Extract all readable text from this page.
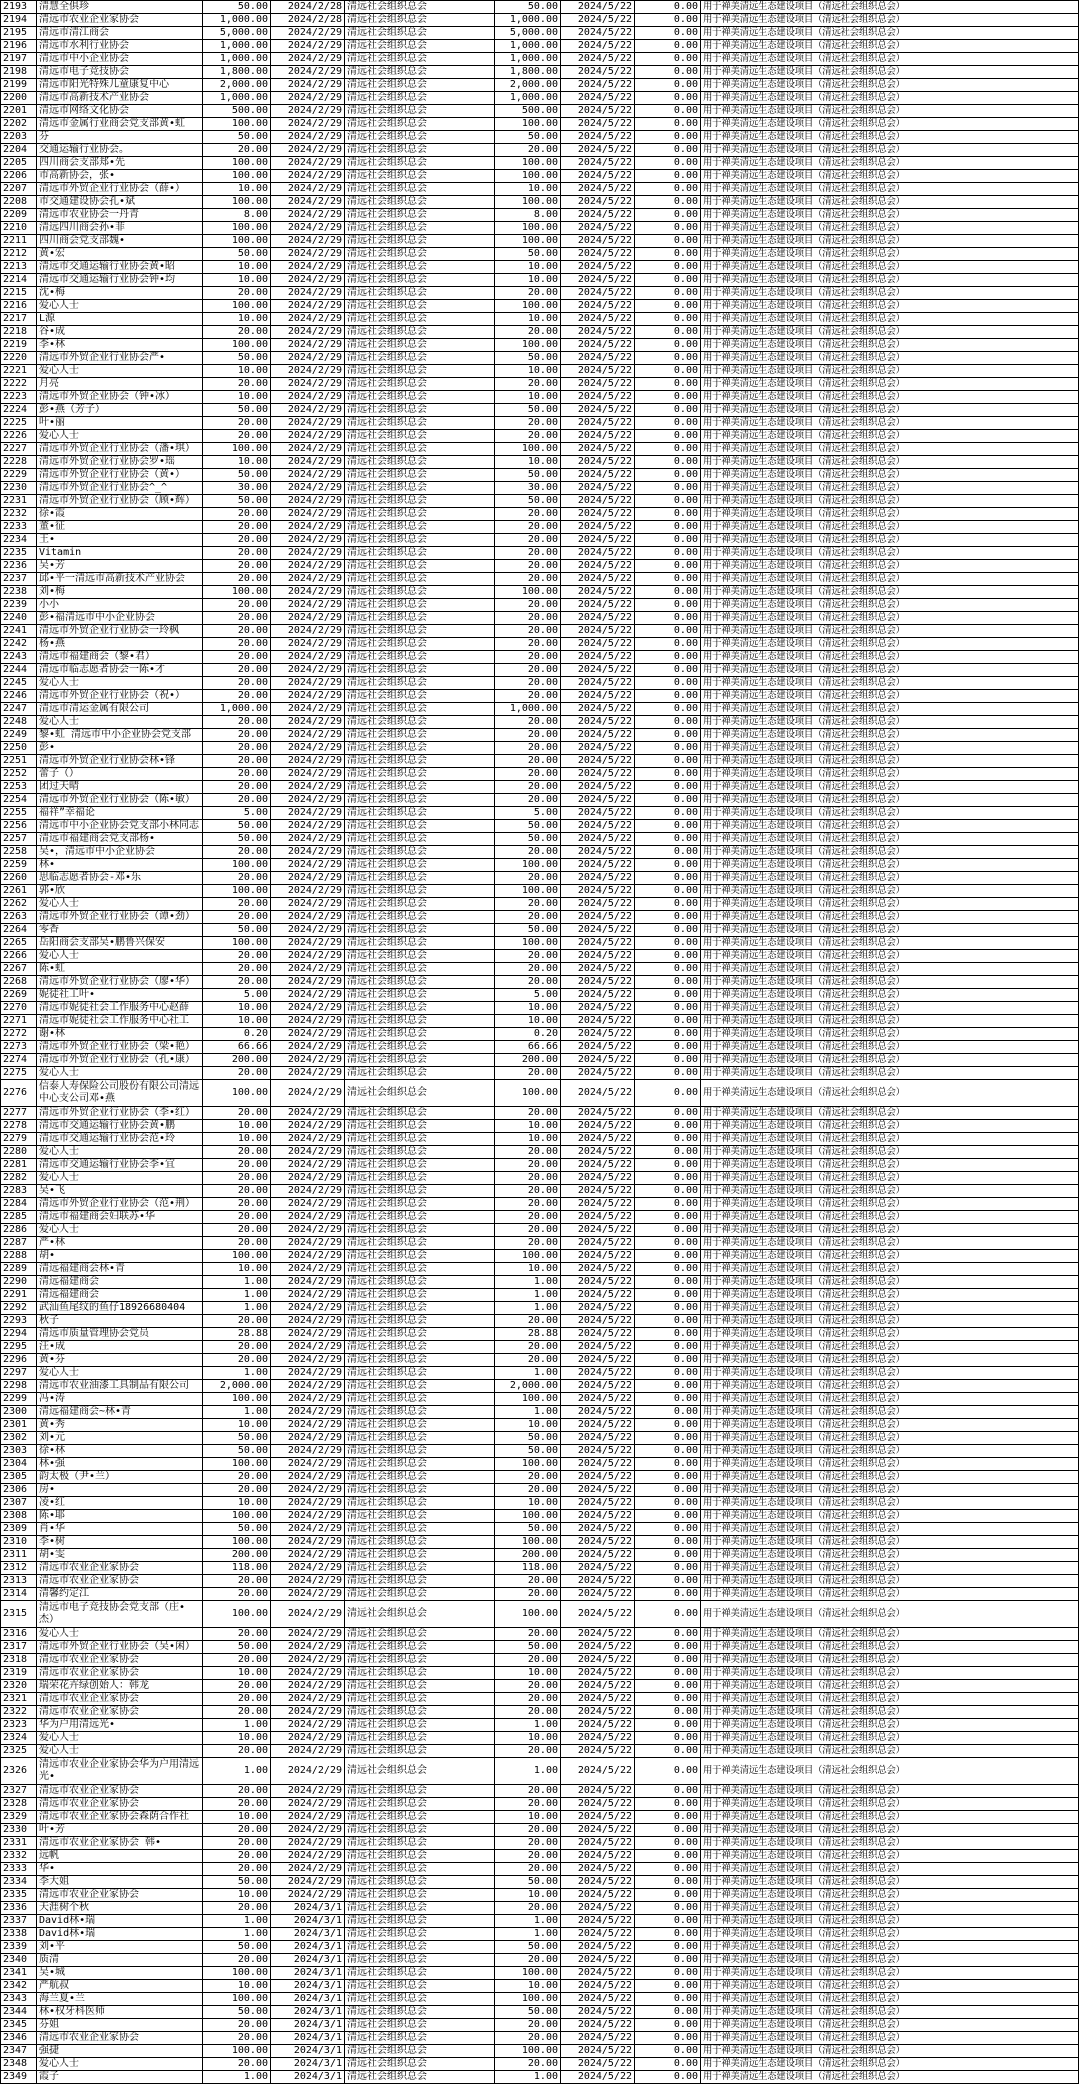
2193	清慧全俱珍	50.00	2024/2/28	清远社会组织总会	50.00	2024/5/22	0.00	用于禅美清远生态建设项目（清远社会组织总会）
2194	清远市农业企业家协会	1,000.00	2024/2/28	清远社会组织总会	1,000.00	2024/5/22	0.00	用于禅美清远生态建设项目（清远社会组织总会）
2195	清远市清江商会	5,000.00	2024/2/29	清远社会组织总会	5,000.00	2024/5/22	0.00	用于禅美清远生态建设项目（清远社会组织总会）
2196	清远市水利行业协会	1,000.00	2024/2/29	清远社会组织总会	1,000.00	2024/5/22	0.00	用于禅美清远生态建设项目（清远社会组织总会）
2197	清远市中小企业协会	1,000.00	2024/2/29	清远社会组织总会	1,000.00	2024/5/22	0.00	用于禅美清远生态建设项目（清远社会组织总会）
2198	清远市电子竞技协会	1,800.00	2024/2/29	清远社会组织总会	1,800.00	2024/5/22	0.00	用于禅美清远生态建设项目（清远社会组织总会）
2199	清远市阳光特殊儿童康复中心	2,000.00	2024/2/29	清远社会组织总会	2,000.00	2024/5/22	0.00	用于禅美清远生态建设项目（清远社会组织总会）
2200	清远市高新技术产业协会	1,000.00	2024/2/29	清远社会组织总会	1,000.00	2024/5/22	0.00	用于禅美清远生态建设项目（清远社会组织总会）
2201	清远市网络文化协会	500.00	2024/2/29	清远社会组织总会	500.00	2024/5/22	0.00	用于禅美清远生态建设项目（清远社会组织总会）
2202	清远市金属行业商会党支部黄•虹	100.00	2024/2/29	清远社会组织总会	100.00	2024/5/22	0.00	用于禅美清远生态建设项目（清远社会组织总会）
2203	芬	50.00	2024/2/29	清远社会组织总会	50.00	2024/5/22	0.00	用于禅美清远生态建设项目（清远社会组织总会）
2204	交通运输行业协会。	20.00	2024/2/29	清远社会组织总会	20.00	2024/5/22	0.00	用于禅美清远生态建设项目（清远社会组织总会）
2205	四川商会支部郑•先	100.00	2024/2/29	清远社会组织总会	100.00	2024/5/22	0.00	用于禅美清远生态建设项目（清远社会组织总会）
2206	市高新协会，张•	100.00	2024/2/29	清远社会组织总会	100.00	2024/5/22	0.00	用于禅美清远生态建设项目（清远社会组织总会）
2207	清远市外贸企业行业协会（薛•）	10.00	2024/2/29	清远社会组织总会	10.00	2024/5/22	0.00	用于禅美清远生态建设项目（清远社会组织总会）
2208	市交通建设协会孔•斌	100.00	2024/2/29	清远社会组织总会	100.00	2024/5/22	0.00	用于禅美清远生态建设项目（清远社会组织总会）
2209	清远市农业协会一丹青	8.00	2024/2/29	清远社会组织总会	8.00	2024/5/22	0.00	用于禅美清远生态建设项目（清远社会组织总会）
2210	清远四川商会孙•菲	100.00	2024/2/29	清远社会组织总会	100.00	2024/5/22	0.00	用于禅美清远生态建设项目（清远社会组织总会）
2211	四川商会党支部魏•	100.00	2024/2/29	清远社会组织总会	100.00	2024/5/22	0.00	用于禅美清远生态建设项目（清远社会组织总会）
2212	黄•宏	50.00	2024/2/29	清远社会组织总会	50.00	2024/5/22	0.00	用于禅美清远生态建设项目（清远社会组织总会）
2213	清远市交通运输行业协会黄•昭	10.00	2024/2/29	清远社会组织总会	10.00	2024/5/22	0.00	用于禅美清远生态建设项目（清远社会组织总会）
2214	清远市交通运输行业协会钟•均	10.00	2024/2/29	清远社会组织总会	10.00	2024/5/22	0.00	用于禅美清远生态建设项目（清远社会组织总会）
2215	沈•梅	20.00	2024/2/29	清远社会组织总会	20.00	2024/5/22	0.00	用于禅美清远生态建设项目（清远社会组织总会）
2216	爱心人士	100.00	2024/2/29	清远社会组织总会	100.00	2024/5/22	0.00	用于禅美清远生态建设项目（清远社会组织总会）
2217	L源	10.00	2024/2/29	清远社会组织总会	10.00	2024/5/22	0.00	用于禅美清远生态建设项目（清远社会组织总会）
2218	谷•成	20.00	2024/2/29	清远社会组织总会	20.00	2024/5/22	0.00	用于禅美清远生态建设项目（清远社会组织总会）
2219	李•林	100.00	2024/2/29	清远社会组织总会	100.00	2024/5/22	0.00	用于禅美清远生态建设项目（清远社会组织总会）
2220	清远市外贸企业行业协会严•	50.00	2024/2/29	清远社会组织总会	50.00	2024/5/22	0.00	用于禅美清远生态建设项目（清远社会组织总会）
2221	爱心人士	10.00	2024/2/29	清远社会组织总会	10.00	2024/5/22	0.00	用于禅美清远生态建设项目（清远社会组织总会）
2222	月亮	20.00	2024/2/29	清远社会组织总会	20.00	2024/5/22	0.00	用于禅美清远生态建设项目（清远社会组织总会）
2223	清远市外贸企业协会（钟•冰）	10.00	2024/2/29	清远社会组织总会	10.00	2024/5/22	0.00	用于禅美清远生态建设项目（清远社会组织总会）
2224	彭•燕（芳子）	50.00	2024/2/29	清远社会组织总会	50.00	2024/5/22	0.00	用于禅美清远生态建设项目（清远社会组织总会）
2225	叶•丽	20.00	2024/2/29	清远社会组织总会	20.00	2024/5/22	0.00	用于禅美清远生态建设项目（清远社会组织总会）
2226	爱心人士	20.00	2024/2/29	清远社会组织总会	20.00	2024/5/22	0.00	用于禅美清远生态建设项目（清远社会组织总会）
2227	清远市外贸企业行业协会（潘•琪）	100.00	2024/2/29	清远社会组织总会	100.00	2024/5/22	0.00	用于禅美清远生态建设项目（清远社会组织总会）
2228	清远市外贸企业行业协会罗•瑶	10.00	2024/2/29	清远社会组织总会	10.00	2024/5/22	0.00	用于禅美清远生态建设项目（清远社会组织总会）
2229	清远市外贸企业行业协会（黄•）	50.00	2024/2/29	清远社会组织总会	50.00	2024/5/22	0.00	用于禅美清远生态建设项目（清远社会组织总会）
2230	清远市外贸企业行业协会^_^	30.00	2024/2/29	清远社会组织总会	30.00	2024/5/22	0.00	用于禅美清远生态建设项目（清远社会组织总会）
2231	清远市外贸企业行业协会（顾•辉）	50.00	2024/2/29	清远社会组织总会	50.00	2024/5/22	0.00	用于禅美清远生态建设项目（清远社会组织总会）
2232	徐•霞	20.00	2024/2/29	清远社会组织总会	20.00	2024/5/22	0.00	用于禅美清远生态建设项目（清远社会组织总会）
2233	董•征	20.00	2024/2/29	清远社会组织总会	20.00	2024/5/22	0.00	用于禅美清远生态建设项目（清远社会组织总会）
2234	王•	20.00	2024/2/29	清远社会组织总会	20.00	2024/5/22	0.00	用于禅美清远生态建设项目（清远社会组织总会）
2235	Vitamin	20.00	2024/2/29	清远社会组织总会	20.00	2024/5/22	0.00	用于禅美清远生态建设项目（清远社会组织总会）
2236	吴•芳	20.00	2024/2/29	清远社会组织总会	20.00	2024/5/22	0.00	用于禅美清远生态建设项目（清远社会组织总会）
2237	邱•平一清远市高新技术产业协会	20.00	2024/2/29	清远社会组织总会	20.00	2024/5/22	0.00	用于禅美清远生态建设项目（清远社会组织总会）
2238	刘•梅	100.00	2024/2/29	清远社会组织总会	100.00	2024/5/22	0.00	用于禅美清远生态建设项目（清远社会组织总会）
2239	小小	20.00	2024/2/29	清远社会组织总会	20.00	2024/5/22	0.00	用于禅美清远生态建设项目（清远社会组织总会）
2240	彭•福清远市中小企业协会	20.00	2024/2/29	清远社会组织总会	20.00	2024/5/22	0.00	用于禅美清远生态建设项目（清远社会组织总会）
2241	清远市外贸企业行业协会一玲枫	20.00	2024/2/29	清远社会组织总会	20.00	2024/5/22	0.00	用于禅美清远生态建设项目（清远社会组织总会）
2242	杨•燕	20.00	2024/2/29	清远社会组织总会	20.00	2024/5/22	0.00	用于禅美清远生态建设项目（清远社会组织总会）
2243	清远市福建商会（黎•君）	20.00	2024/2/29	清远社会组织总会	20.00	2024/5/22	0.00	用于禅美清远生态建设项目（清远社会组织总会）
2244	清远市临志愿者协会一陈•才	20.00	2024/2/29	清远社会组织总会	20.00	2024/5/22	0.00	用于禅美清远生态建设项目（清远社会组织总会）
2245	爱心人士	20.00	2024/2/29	清远社会组织总会	20.00	2024/5/22	0.00	用于禅美清远生态建设项目（清远社会组织总会）
2246	清远市外贸企业行业协会（祝•）	20.00	2024/2/29	清远社会组织总会	20.00	2024/5/22	0.00	用于禅美清远生态建设项目（清远社会组织总会）
2247	清远市清运金属有限公司	1,000.00	2024/2/29	清远社会组织总会	1,000.00	2024/5/22	0.00	用于禅美清远生态建设项目（清远社会组织总会）
2248	爱心人士	20.00	2024/2/29	清远社会组织总会	20.00	2024/5/22	0.00	用于禅美清远生态建设项目（清远社会组织总会）
2249	黎•虹 清远市中小企业协会党支部	20.00	2024/2/29	清远社会组织总会	20.00	2024/5/22	0.00	用于禅美清远生态建设项目（清远社会组织总会）
2250	彭•	20.00	2024/2/29	清远社会组织总会	20.00	2024/5/22	0.00	用于禅美清远生态建设项目（清远社会组织总会）
2251	清远市外贸企业行业协会林•锋	20.00	2024/2/29	清远社会组织总会	20.00	2024/5/22	0.00	用于禅美清远生态建设项目（清远社会组织总会）
2252	蕾子（）	20.00	2024/2/29	清远社会组织总会	20.00	2024/5/22	0.00	用于禅美清远生态建设项目（清远社会组织总会）
2253	团过天晴	20.00	2024/2/29	清远社会组织总会	20.00	2024/5/22	0.00	用于禅美清远生态建设项目（清远社会组织总会）
2254	清远市外贸企业行业协会（陈•敏）	20.00	2024/2/29	清远社会组织总会	20.00	2024/5/22	0.00	用于禅美清远生态建设项目（清远社会组织总会）
2255	福祥”幸福论	5.00	2024/2/29	清远社会组织总会	5.00	2024/5/22	0.00	用于禅美清远生态建设项目（清远社会组织总会）
2256	清远市中小企业协会党支部小林同志	50.00	2024/2/29	清远社会组织总会	50.00	2024/5/22	0.00	用于禅美清远生态建设项目（清远社会组织总会）
2257	清远市福建商会党支部杨•	50.00	2024/2/29	清远社会组织总会	50.00	2024/5/22	0.00	用于禅美清远生态建设项目（清远社会组织总会）
2258	吴•，清远市中小企业协会	20.00	2024/2/29	清远社会组织总会	20.00	2024/5/22	0.00	用于禅美清远生态建设项目（清远社会组织总会）
2259	林•	100.00	2024/2/29	清远社会组织总会	100.00	2024/5/22	0.00	用于禅美清远生态建设项目（清远社会组织总会）
2260	思临志愿者协会-邓•乐	20.00	2024/2/29	清远社会组织总会	20.00	2024/5/22	0.00	用于禅美清远生态建设项目（清远社会组织总会）
2261	郭•欣	100.00	2024/2/29	清远社会组织总会	100.00	2024/5/22	0.00	用于禅美清远生态建设项目（清远社会组织总会）
2262	爱心人士	20.00	2024/2/29	清远社会组织总会	20.00	2024/5/22	0.00	用于禅美清远生态建设项目（清远社会组织总会）
2263	清远市外贸企业行业协会（谭•劲）	20.00	2024/2/29	清远社会组织总会	20.00	2024/5/22	0.00	用于禅美清远生态建设项目（清远社会组织总会）
2264	零香	50.00	2024/2/29	清远社会组织总会	50.00	2024/5/22	0.00	用于禅美清远生态建设项目（清远社会组织总会）
2265	岳阳商会支部吴•鹏鲁兴保安	100.00	2024/2/29	清远社会组织总会	100.00	2024/5/22	0.00	用于禅美清远生态建设项目（清远社会组织总会）
2266	爱心人士	20.00	2024/2/29	清远社会组织总会	20.00	2024/5/22	0.00	用于禅美清远生态建设项目（清远社会组织总会）
2267	陈•虹	20.00	2024/2/29	清远社会组织总会	20.00	2024/5/22	0.00	用于禅美清远生态建设项目（清远社会组织总会）
2268	清远市外贸企业行业协会（廖•华）	20.00	2024/2/29	清远社会组织总会	20.00	2024/5/22	0.00	用于禅美清远生态建设项目（清远社会组织总会）
2269	妮徒社工叶•	5.00	2024/2/29	清远社会组织总会	5.00	2024/5/22	0.00	用于禅美清远生态建设项目（清远社会组织总会）
2270	清远市妮徒社会工作服务中心赵薛	10.00	2024/2/29	清远社会组织总会	10.00	2024/5/22	0.00	用于禅美清远生态建设项目（清远社会组织总会）
2271	清远市妮徒社会工作服务中心社工	10.00	2024/2/29	清远社会组织总会	10.00	2024/5/22	0.00	用于禅美清远生态建设项目（清远社会组织总会）
2272	谢•林	0.20	2024/2/29	清远社会组织总会	0.20	2024/5/22	0.00	用于禅美清远生态建设项目（清远社会组织总会）
2273	清远市外贸企业行业协会（梁•艳）	66.66	2024/2/29	清远社会组织总会	66.66	2024/5/22	0.00	用于禅美清远生态建设项目（清远社会组织总会）
2274	清远市外贸企业行业协会（孔•康）	200.00	2024/2/29	清远社会组织总会	200.00	2024/5/22	0.00	用于禅美清远生态建设项目（清远社会组织总会）
2275	爱心人士	20.00	2024/2/29	清远社会组织总会	20.00	2024/5/22	0.00	用于禅美清远生态建设项目（清远社会组织总会）
2276	信泰人寿保险公司股份有限公司清远中心支公司邓•燕	100.00	2024/2/29	清远社会组织总会	100.00	2024/5/22	0.00	用于禅美清远生态建设项目（清远社会组织总会）
2277	清远市外贸企业行业协会（李•红）	20.00	2024/2/29	清远社会组织总会	20.00	2024/5/22	0.00	用于禅美清远生态建设项目（清远社会组织总会）
2278	清远市交通运输行业协会黄•鹏	10.00	2024/2/29	清远社会组织总会	10.00	2024/5/22	0.00	用于禅美清远生态建设项目（清远社会组织总会）
2279	清远市交通运输行业协会范•玲	10.00	2024/2/29	清远社会组织总会	10.00	2024/5/22	0.00	用于禅美清远生态建设项目（清远社会组织总会）
2280	爱心人士	20.00	2024/2/29	清远社会组织总会	20.00	2024/5/22	0.00	用于禅美清远生态建设项目（清远社会组织总会）
2281	清远市交通运输行业协会李•宜	20.00	2024/2/29	清远社会组织总会	20.00	2024/5/22	0.00	用于禅美清远生态建设项目（清远社会组织总会）
2282	爱心人士	20.00	2024/2/29	清远社会组织总会	20.00	2024/5/22	0.00	用于禅美清远生态建设项目（清远社会组织总会）
2283	吴•飞	20.00	2024/2/29	清远社会组织总会	20.00	2024/5/22	0.00	用于禅美清远生态建设项目（清远社会组织总会）
2284	清远市外贸企业行业协会（范•荆）	20.00	2024/2/29	清远社会组织总会	20.00	2024/5/22	0.00	用于禅美清远生态建设项目（清远社会组织总会）
2285	清远市福建商会妇联苏•华	20.00	2024/2/29	清远社会组织总会	20.00	2024/5/22	0.00	用于禅美清远生态建设项目（清远社会组织总会）
2286	爱心人士	20.00	2024/2/29	清远社会组织总会	20.00	2024/5/22	0.00	用于禅美清远生态建设项目（清远社会组织总会）
2287	严•林	20.00	2024/2/29	清远社会组织总会	20.00	2024/5/22	0.00	用于禅美清远生态建设项目（清远社会组织总会）
2288	胡•	100.00	2024/2/29	清远社会组织总会	100.00	2024/5/22	0.00	用于禅美清远生态建设项目（清远社会组织总会）
2289	清远福建商会林•青	10.00	2024/2/29	清远社会组织总会	10.00	2024/5/22	0.00	用于禅美清远生态建设项目（清远社会组织总会）
2290	清远福建商会	1.00	2024/2/29	清远社会组织总会	1.00	2024/5/22	0.00	用于禅美清远生态建设项目（清远社会组织总会）
2291	清远福建商会	1.00	2024/2/29	清远社会组织总会	1.00	2024/5/22	0.00	用于禅美清远生态建设项目（清远社会组织总会）
2292	武汕鱼尾纹的鱼仔18926680404	1.00	2024/2/29	清远社会组织总会	1.00	2024/5/22	0.00	用于禅美清远生态建设项目（清远社会组织总会）
2293	秋子	20.00	2024/2/29	清远社会组织总会	20.00	2024/5/22	0.00	用于禅美清远生态建设项目（清远社会组织总会）
2294	清远市质量管理协会党员	28.88	2024/2/29	清远社会组织总会	28.88	2024/5/22	0.00	用于禅美清远生态建设项目（清远社会组织总会）
2295	汪•成	20.00	2024/2/29	清远社会组织总会	20.00	2024/5/22	0.00	用于禅美清远生态建设项目（清远社会组织总会）
2296	黄•芬	20.00	2024/2/29	清远社会组织总会	20.00	2024/5/22	0.00	用于禅美清远生态建设项目（清远社会组织总会）
2297	爱心人士	1.00	2024/2/29	清远社会组织总会	1.00	2024/5/22	0.00	用于禅美清远生态建设项目（清远社会组织总会）
2298	清远市农业油漆工具制品有限公司	2,000.00	2024/2/29	清远社会组织总会	2,000.00	2024/5/22	0.00	用于禅美清远生态建设项目（清远社会组织总会）
2299	冯•涛	100.00	2024/2/29	清远社会组织总会	100.00	2024/5/22	0.00	用于禅美清远生态建设项目（清远社会组织总会）
2300	清远福建商会~林•青	1.00	2024/2/29	清远社会组织总会	1.00	2024/5/22	0.00	用于禅美清远生态建设项目（清远社会组织总会）
2301	黄•秀	10.00	2024/2/29	清远社会组织总会	10.00	2024/5/22	0.00	用于禅美清远生态建设项目（清远社会组织总会）
2302	刘•元	50.00	2024/2/29	清远社会组织总会	50.00	2024/5/22	0.00	用于禅美清远生态建设项目（清远社会组织总会）
2303	徐•林	50.00	2024/2/29	清远社会组织总会	50.00	2024/5/22	0.00	用于禅美清远生态建设项目（清远社会组织总会）
2304	林•强	100.00	2024/2/29	清远社会组织总会	100.00	2024/5/22	0.00	用于禅美清远生态建设项目（清远社会组织总会）
2305	韵太极（尹•兰）	20.00	2024/2/29	清远社会组织总会	20.00	2024/5/22	0.00	用于禅美清远生态建设项目（清远社会组织总会）
2306	房•	20.00	2024/2/29	清远社会组织总会	20.00	2024/5/22	0.00	用于禅美清远生态建设项目（清远社会组织总会）
2307	凌•红	10.00	2024/2/29	清远社会组织总会	10.00	2024/5/22	0.00	用于禅美清远生态建设项目（清远社会组织总会）
2308	陈•耶	100.00	2024/2/29	清远社会组织总会	100.00	2024/5/22	0.00	用于禅美清远生态建设项目（清远社会组织总会）
2309	肖•华	50.00	2024/2/29	清远社会组织总会	50.00	2024/5/22	0.00	用于禅美清远生态建设项目（清远社会组织总会）
2310	李•树	100.00	2024/2/29	清远社会组织总会	100.00	2024/5/22	0.00	用于禅美清远生态建设项目（清远社会组织总会）
2311	胡•雯	200.00	2024/2/29	清远社会组织总会	200.00	2024/5/22	0.00	用于禅美清远生态建设项目（清远社会组织总会）
2312	清远市农业企业家协会	118.00	2024/2/29	清远社会组织总会	118.00	2024/5/22	0.00	用于禅美清远生态建设项目（清远社会组织总会）
2313	清远市农业企业家协会	20.00	2024/2/29	清远社会组织总会	20.00	2024/5/22	0.00	用于禅美清远生态建设项目（清远社会组织总会）
2314	清馨约定江	20.00	2024/2/29	清远社会组织总会	20.00	2024/5/22	0.00	用于禅美清远生态建设项目（清远社会组织总会）
2315	清远市电子竞技协会党支部（庄•杰）	100.00	2024/2/29	清远社会组织总会	100.00	2024/5/22	0.00	用于禅美清远生态建设项目（清远社会组织总会）
2316	爱心人士	20.00	2024/2/29	清远社会组织总会	20.00	2024/5/22	0.00	用于禅美清远生态建设项目（清远社会组织总会）
2317	清远市外贸企业行业协会（吴•闲）	50.00	2024/2/29	清远社会组织总会	50.00	2024/5/22	0.00	用于禅美清远生态建设项目（清远社会组织总会）
2318	清远市农业企业家协会	20.00	2024/2/29	清远社会组织总会	20.00	2024/5/22	0.00	用于禅美清远生态建设项目（清远社会组织总会）
2319	清远市农业企业家协会	10.00	2024/2/29	清远社会组织总会	10.00	2024/5/22	0.00	用于禅美清远生态建设项目（清远社会组织总会）
2320	瑞荣花卉绿创始人：韩龙	20.00	2024/2/29	清远社会组织总会	20.00	2024/5/22	0.00	用于禅美清远生态建设项目（清远社会组织总会）
2321	清远市农业企业家协会	20.00	2024/2/29	清远社会组织总会	20.00	2024/5/22	0.00	用于禅美清远生态建设项目（清远社会组织总会）
2322	清远市农业企业家协会	20.00	2024/2/29	清远社会组织总会	20.00	2024/5/22	0.00	用于禅美清远生态建设项目（清远社会组织总会）
2323	华为户用清远光•	1.00	2024/2/29	清远社会组织总会	1.00	2024/5/22	0.00	用于禅美清远生态建设项目（清远社会组织总会）
2324	爱心人士	10.00	2024/2/29	清远社会组织总会	10.00	2024/5/22	0.00	用于禅美清远生态建设项目（清远社会组织总会）
2325	爱心人士	20.00	2024/2/29	清远社会组织总会	20.00	2024/5/22	0.00	用于禅美清远生态建设项目（清远社会组织总会）
2326	清远市农业企业家协会华为户用清远光•	1.00	2024/2/29	清远社会组织总会	1.00	2024/5/22	0.00	用于禅美清远生态建设项目（清远社会组织总会）
2327	清远市农业企业家协会	20.00	2024/2/29	清远社会组织总会	20.00	2024/5/22	0.00	用于禅美清远生态建设项目（清远社会组织总会）
2328	清远市农业企业家协会	20.00	2024/2/29	清远社会组织总会	20.00	2024/5/22	0.00	用于禅美清远生态建设项目（清远社会组织总会）
2329	清远市农业企业家协会森荫合作社	10.00	2024/2/29	清远社会组织总会	10.00	2024/5/22	0.00	用于禅美清远生态建设项目（清远社会组织总会）
2330	叶•芳	20.00	2024/2/29	清远社会组织总会	20.00	2024/5/22	0.00	用于禅美清远生态建设项目（清远社会组织总会）
2331	清远市农业企业家协会 韩•	20.00	2024/2/29	清远社会组织总会	20.00	2024/5/22	0.00	用于禅美清远生态建设项目（清远社会组织总会）
2332	远帆	20.00	2024/2/29	清远社会组织总会	20.00	2024/5/22	0.00	用于禅美清远生态建设项目（清远社会组织总会）
2333	华•	20.00	2024/2/29	清远社会组织总会	20.00	2024/5/22	0.00	用于禅美清远生态建设项目（清远社会组织总会）
2334	李大姐	50.00	2024/2/29	清远社会组织总会	50.00	2024/5/22	0.00	用于禅美清远生态建设项目（清远社会组织总会）
2335	清远市农业企业家协会	10.00	2024/2/29	清远社会组织总会	10.00	2024/5/22	0.00	用于禅美清远生态建设项目（清远社会组织总会）
2336	天涯树个秋	20.00	2024/3/1	清远社会组织总会	20.00	2024/5/22	0.00	用于禅美清远生态建设项目（清远社会组织总会）
2337	David林•瑞	1.00	2024/3/1	清远社会组织总会	1.00	2024/5/22	0.00	用于禅美清远生态建设项目（清远社会组织总会）
2338	David林•瑞	1.00	2024/3/1	清远社会组织总会	1.00	2024/5/22	0.00	用于禅美清远生态建设项目（清远社会组织总会）
2339	刘•平	50.00	2024/3/1	清远社会组织总会	50.00	2024/5/22	0.00	用于禅美清远生态建设项目（清远社会组织总会）
2340	质清	20.00	2024/3/1	清远社会组织总会	20.00	2024/5/22	0.00	用于禅美清远生态建设项目（清远社会组织总会）
2341	吴•城	100.00	2024/3/1	清远社会组织总会	100.00	2024/5/22	0.00	用于禅美清远生态建设项目（清远社会组织总会）
2342	严航叔	10.00	2024/3/1	清远社会组织总会	10.00	2024/5/22	0.00	用于禅美清远生态建设项目（清远社会组织总会）
2343	海兰夏•兰	100.00	2024/3/1	清远社会组织总会	100.00	2024/5/22	0.00	用于禅美清远生态建设项目（清远社会组织总会）
2344	林•权牙科医师	50.00	2024/3/1	清远社会组织总会	50.00	2024/5/22	0.00	用于禅美清远生态建设项目（清远社会组织总会）
2345	芬姐	20.00	2024/3/1	清远社会组织总会	20.00	2024/5/22	0.00	用于禅美清远生态建设项目（清远社会组织总会）
2346	清远市农业企业家协会	20.00	2024/3/1	清远社会组织总会	20.00	2024/5/22	0.00	用于禅美清远生态建设项目（清远社会组织总会）
2347	强捷	100.00	2024/3/1	清远社会组织总会	100.00	2024/5/22	0.00	用于禅美清远生态建设项目（清远社会组织总会）
2348	爱心人士	20.00	2024/3/1	清远社会组织总会	20.00	2024/5/22	0.00	用于禅美清远生态建设项目（清远社会组织总会）
2349	霞子	1.00	2024/3/1	清远社会组织总会	1.00	2024/5/22	0.00	用于禅美清远生态建设项目（清远社会组织总会）
